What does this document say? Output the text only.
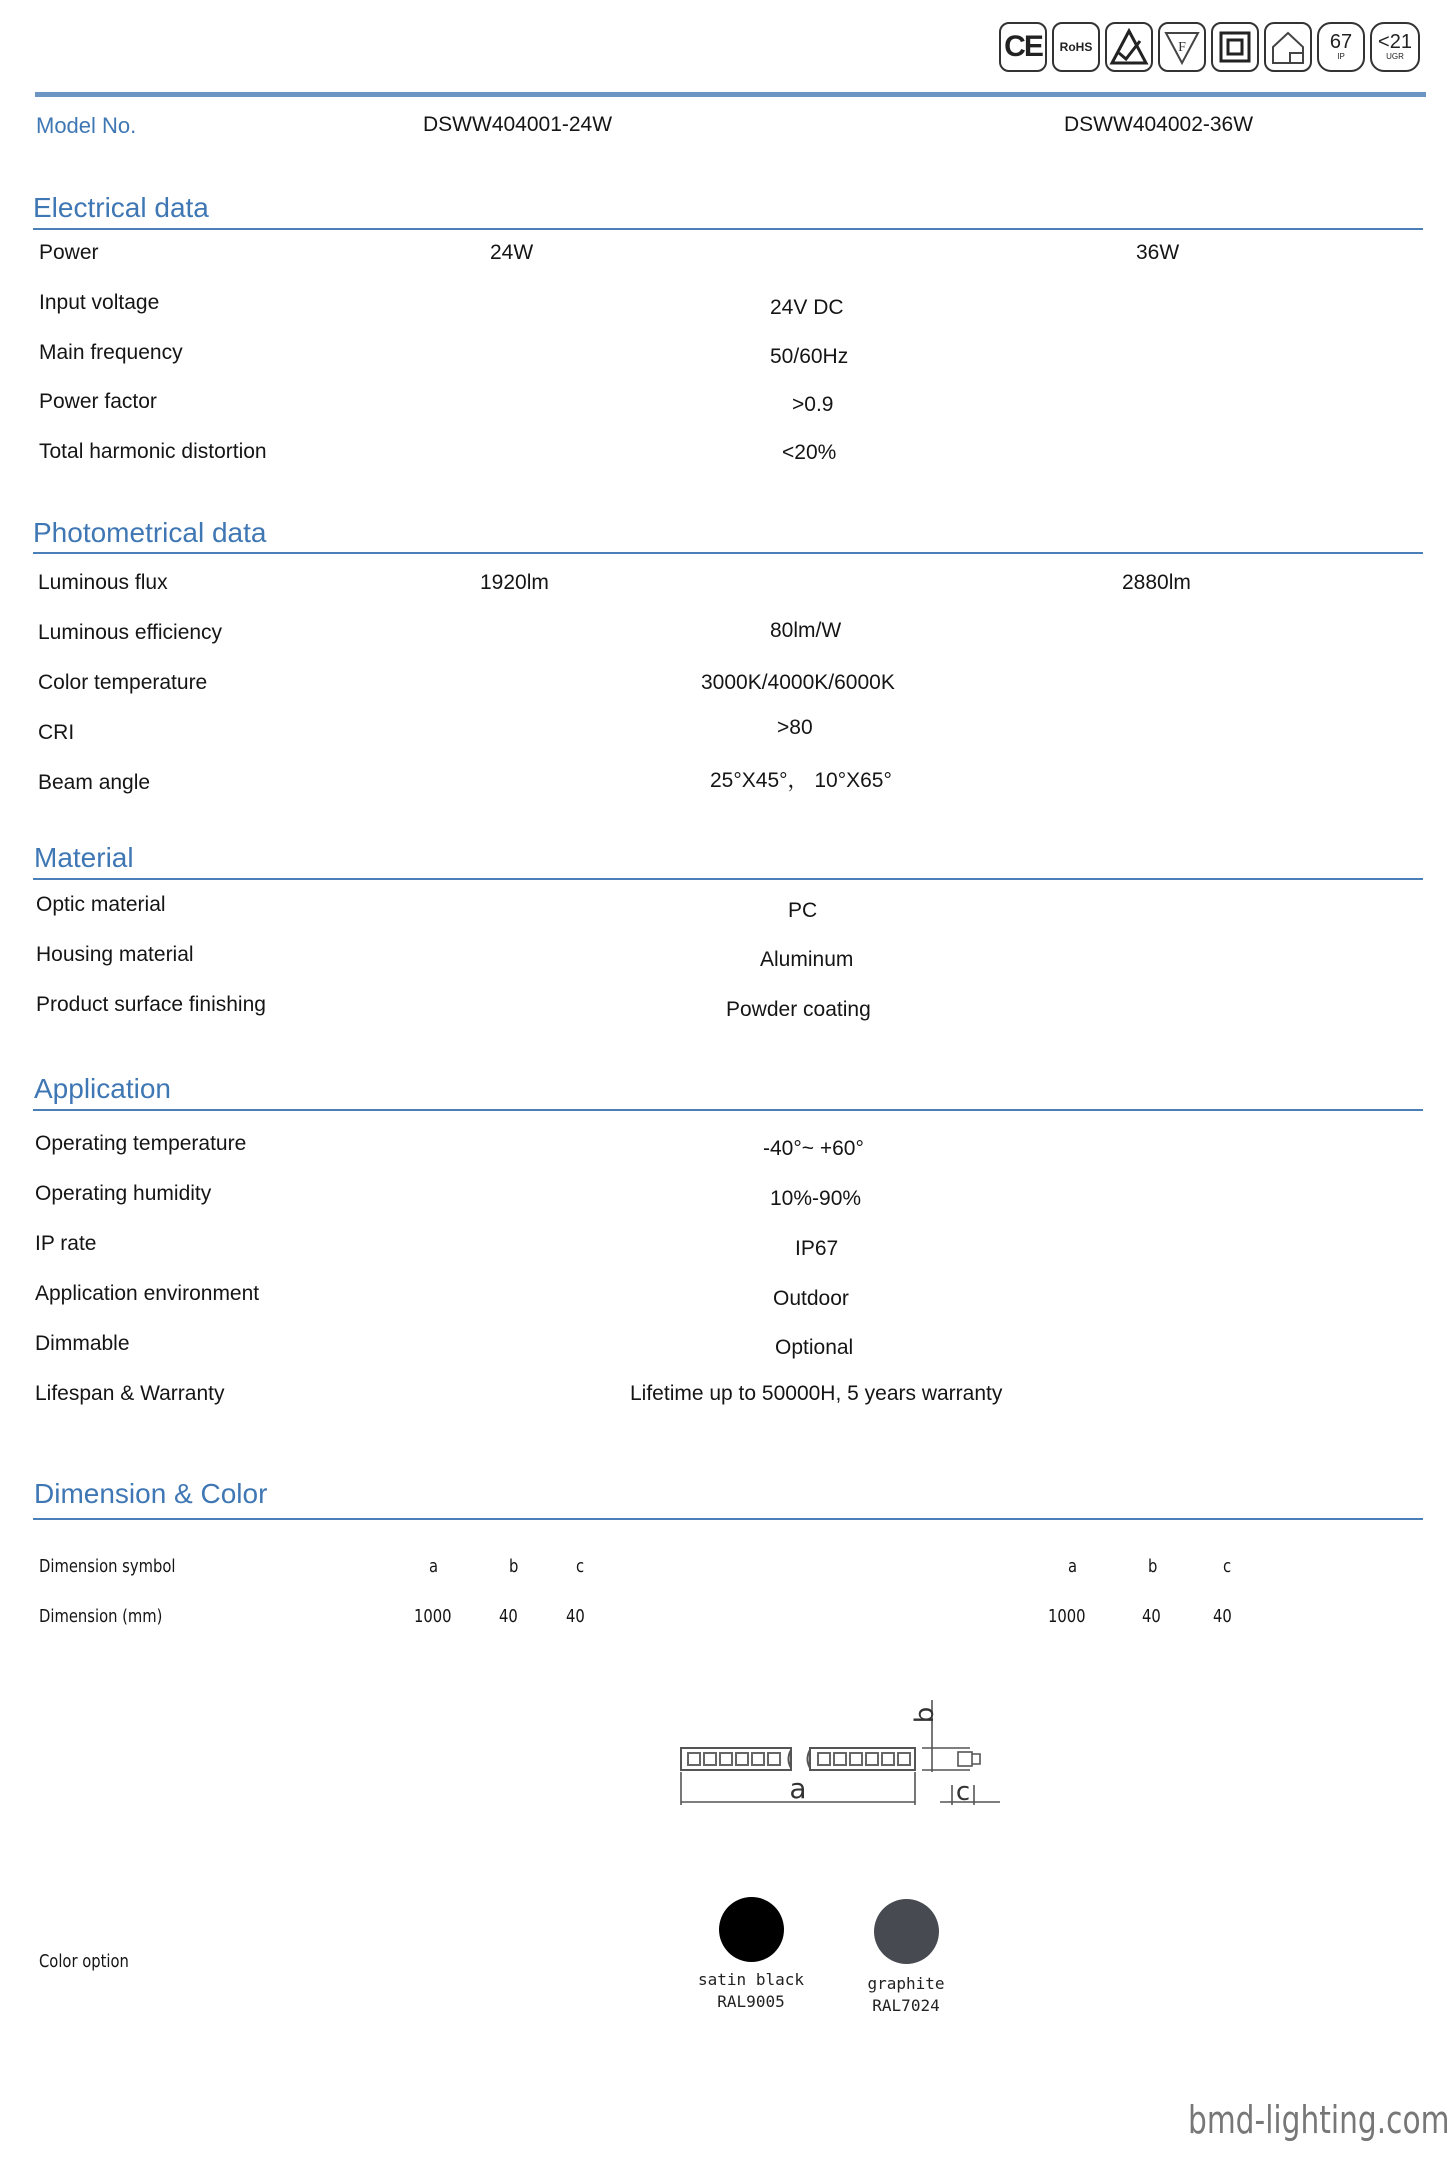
CE RoHS	F	67
IP
<21
UGR
Model No.	DSWW404001-24W	DSWW404002-36W
Electrical data
Power	24W	36W
Input voltage	24V DC
Main frequency	50/60Hz
Power factor	>0.9
Total harmonic distortion	<20%
Photometrical data
Luminous flux	1920lm	2880lm
Luminous efficiency	80lm/W
Color temperature	3000K/4000K/6000K
CRI	>80
Beam angle	25°X45°， 10°X65°
Material
Optic material	PC
Housing material	Aluminum
Product surface finishing	Powder coating
Application
Operating temperature	-40°~ +60°
Operating humidity	10%-90%
IP rate	IP67
Application environment	Outdoor
Dimmable	Optional
Lifespan & Warranty	Lifetime up to 50000H, 5 years warranty
Dimension & Color
Dimension symbol	a	b	c	a	b	c
Dimension (mm)	1000	40	40	1000	40	40
a
b
c
Color option
satin black
RAL9005
graphite
RAL7024
bmd-lighting.com
